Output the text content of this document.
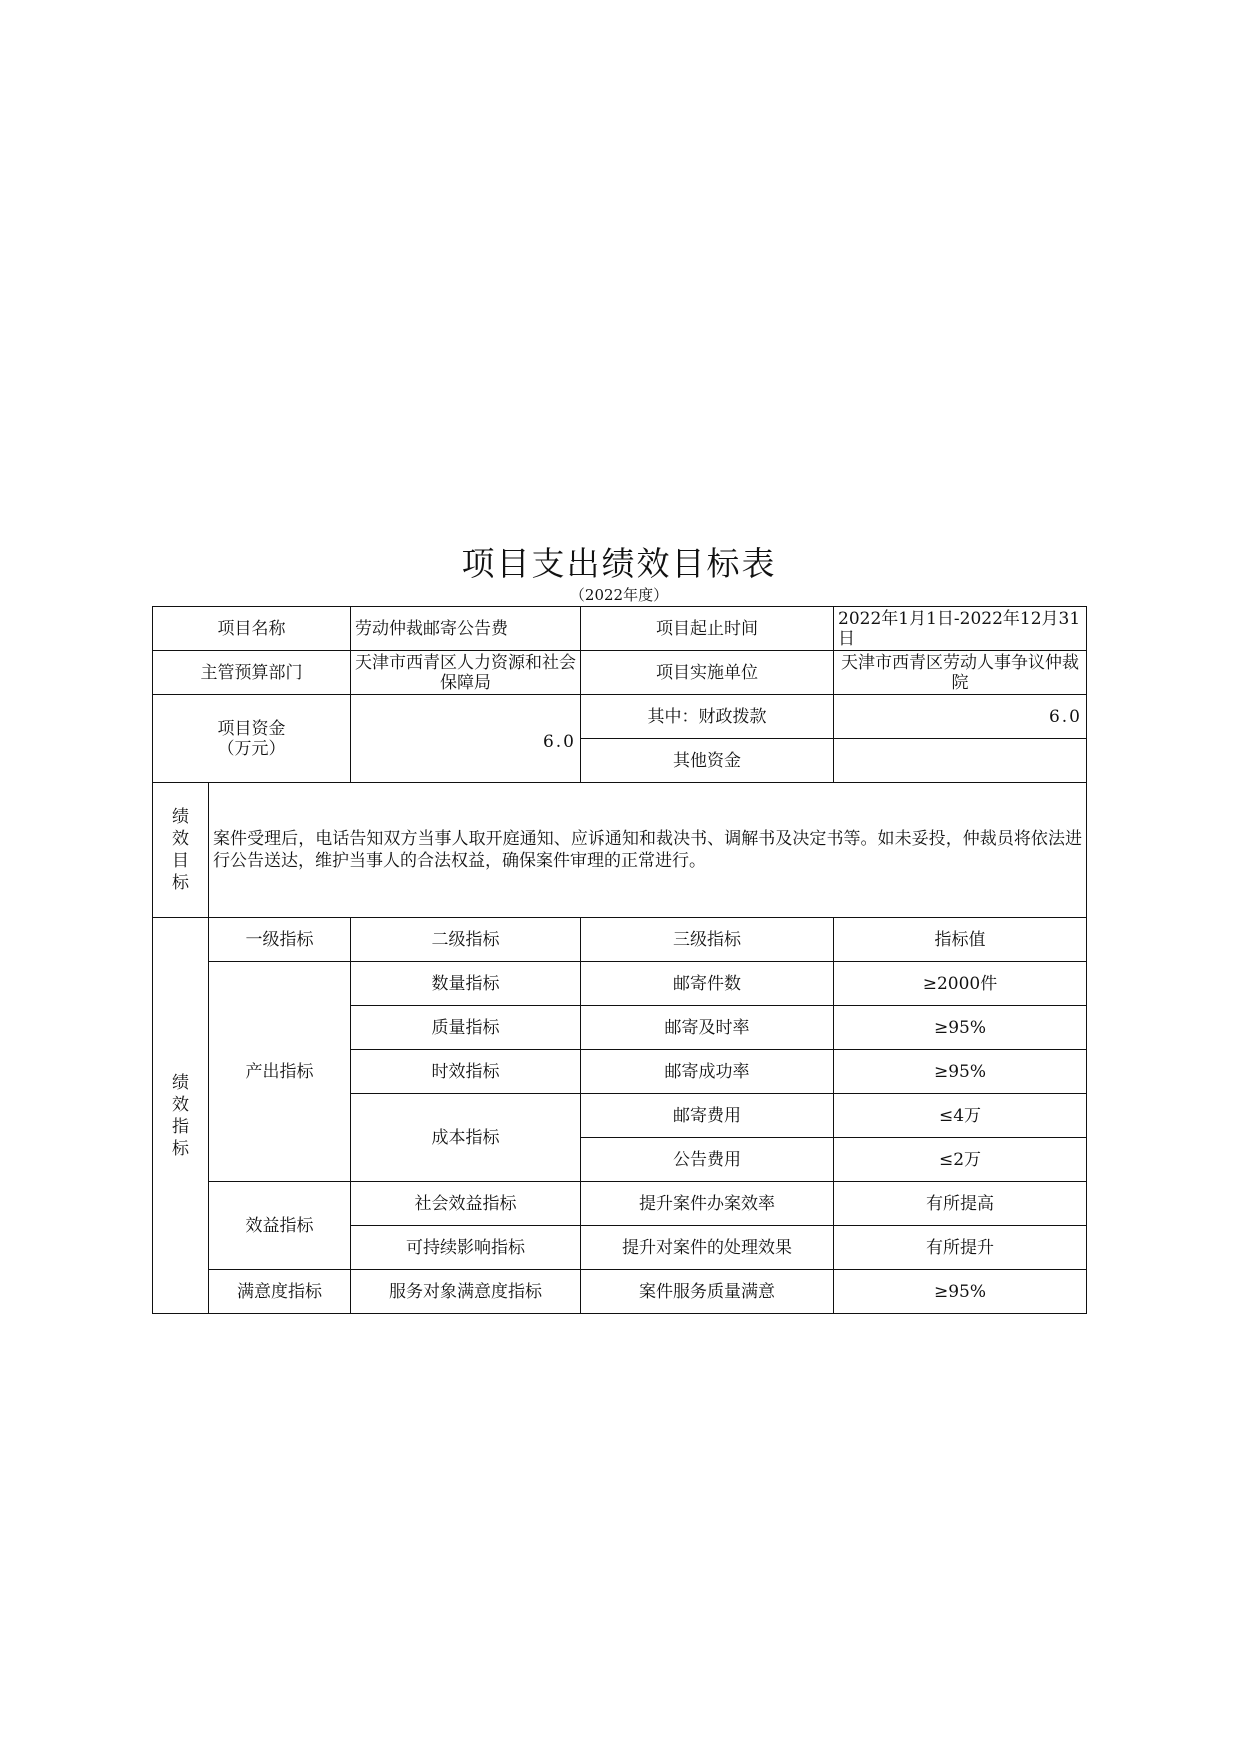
项目支出绩效目标表
（2022年度）
项目名称		劳动仲裁邮寄公告费	项目起止时间	2022年1月1日-2022年12月31日
主管预算部门		天津市西青区人力资源和社会保障局	项目实施单位	天津市西青区劳动人事争议仲裁院

项目资金
（万元）		6.0	其中：财政拨款	6.0
			其他资金	

绩
效
目
标	案件受理后，电话告知双方当事人取开庭通知、应诉通知和裁决书、调解书及决定书等。如未妥投，仲裁员将依法进行公告送达，维护当事人的合法权益，确保案件审理的正常进行。			

绩
效
指
标	一级指标	二级指标	三级指标	指标值
	产出指标	数量指标	邮寄件数	≥2000件
		质量指标	邮寄及时率	≥95%
		时效指标	邮寄成功率	≥95%
		成本指标	邮寄费用	≤4万
			公告费用	≤2万
	效益指标	社会效益指标	提升案件办案效率	有所提高
		可持续影响指标	提升对案件的处理效果	有所提升
	满意度指标	服务对象满意度指标	案件服务质量满意	≥95%
